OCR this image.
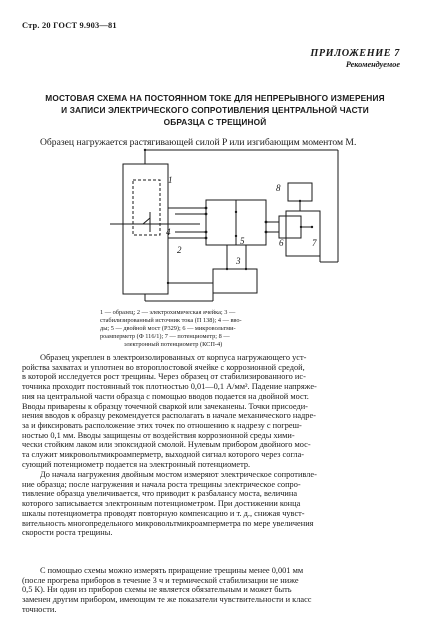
Стр. 20 ГОСТ 9.903—81
ПРИЛОЖЕНИЕ 7
Рекомендуемое
МОСТОВАЯ СХЕМА НА ПОСТОЯННОМ ТОКЕ ДЛЯ НЕПРЕРЫВНОГО ИЗМЕРЕНИЯ
И ЗАПИСИ ЭЛЕКТРИЧЕСКОГО СОПРОТИВЛЕНИЯ ЦЕНТРАЛЬНОЙ ЧАСТИ
ОБРАЗЦА С ТРЕЩИНОЙ
Образец нагружается растягивающей силой P или изгибающим моментом M.
1
2
3
4
5	6	7
8
1 — образец; 2 — электрохимическая ячейка; 3 —
стабилизированный источник тока (П 138); 4 — вво-
ды; 5 — двойной мост (Р329); 6 — микровольтми-
роамперметр (Ф 116/1); 7 — потенциометр; 8 —
электронный потенциометр (КСП-4)
Образец укреплен в электроизолированных от корпуса нагружающего уст-
ройства захватах и уплотнен во второплостовой ячейке с коррозионной средой,
в которой исследуется рост трещины. Через образец от стабилизированного ис-
точника проходит постоянный ток плотностью 0,01—0,1 А/мм². Падение напряже-
ния на центральной части образца с помощью вводов подается на двойной мост.
Вводы приварены к образцу точечной сваркой или зачеканены. Точки присоеди-
нения вводов к образцу рекомендуется располагать в начале механического надре-
за и фиксировать расположение этих точек по отношению к надрезу с погреш-
ностью 0,1 мм. Вводы защищены от воздействия коррозионной среды хими-
чески стойким лаком или эпоксидной смолой. Нулевым прибором двойного мос-
та служит микровольтмикроамперметр, выходной сигнал которого через согла-
сующий потенциометр подается на электронный потенциометр.
До начала нагружения двойным мостом измеряют электрическое сопротивле-
ние образца; после нагружения и начала роста трещины электрическое сопро-
тивление образца увеличивается, что приводит к разбалансу моста, величина
которого записывается электронным потенциометром. При достижении конца
шкалы потенциометра проводят повторную компенсацию и т. д., снижая чувст-
вительность многопредельного микровольтмикроамперметра по мере увеличения
скорости роста трещины.
С помощью схемы можно измерять приращение трещины менее 0,001 мм
(после прогрева приборов в течение 3 ч и термической стабилизации не ниже
0,5 К). Ни один из приборов схемы не является обязательным и может быть
заменен другим прибором, имеющим те же показатели чувствительности и класс
точности.
